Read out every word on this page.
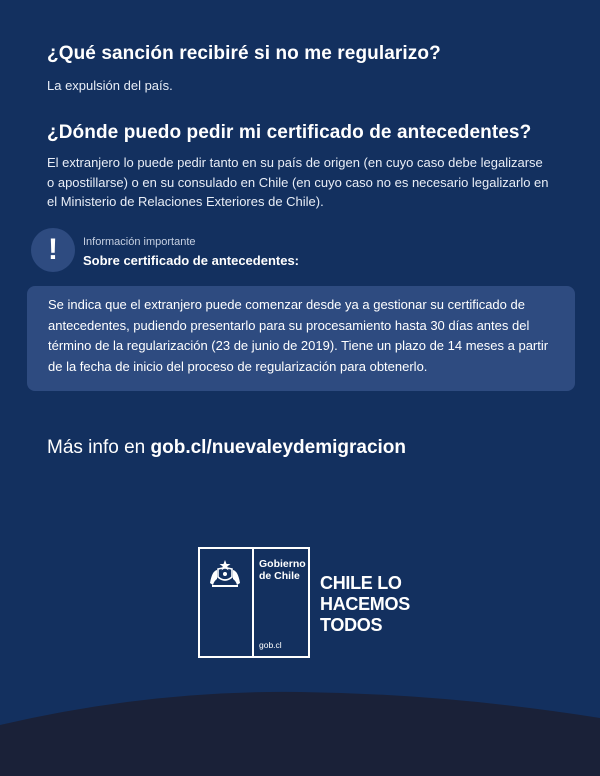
¿Qué sanción recibiré si no me regularizo?

La expulsión del país.

¿Dónde puedo pedir mi certificado de antecedentes?

El extranjero lo puede pedir tanto en su país de origen (en cuyo caso debe legalizarse

o apostillarse) o en su consulado en Chile (en cuyo caso no es necesario legalizarlo en

el Ministerio de Relaciones Exteriores de Chile).

!	Información importante

Sobre certificado de antecedentes:

Se indica que el extranjero puede comenzar desde ya a gestionar su certificado de

antecedentes, pudiendo presentarlo para su procesamiento hasta 30 días antes del

término de la regularización (23 de junio de 2019). Tiene un plazo de 14 meses a partir

de la fecha de inicio del proceso de regularización para obtenerlo.

Más info en gob.cl/nuevaleydemigracion

Gobierno
de Chile

gob.cl

CHILE LO
HACEMOS
TODOS
